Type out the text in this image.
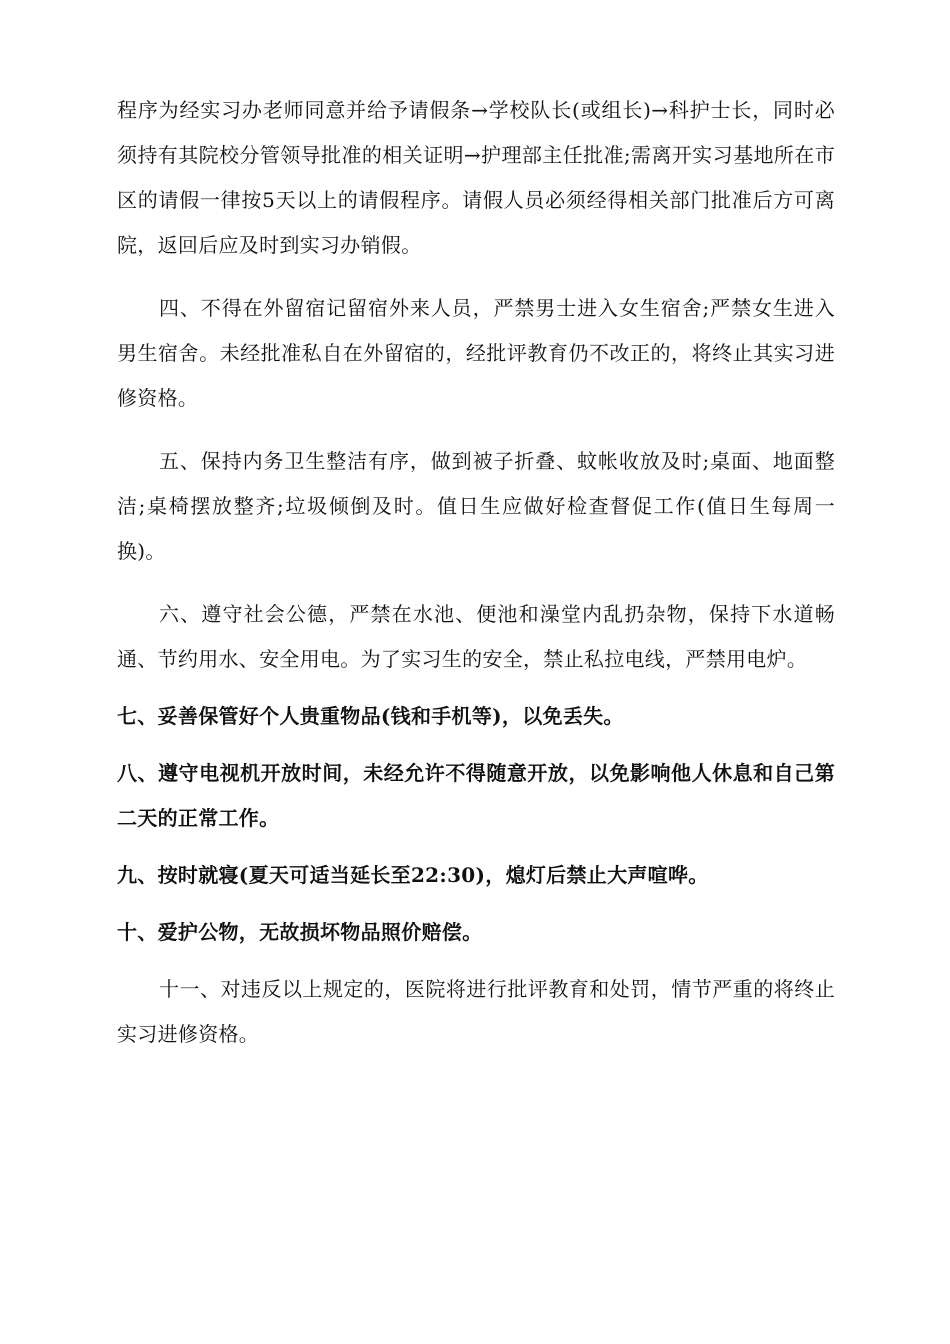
程序为经实习办老师同意并给予请假条→学校队长(或组长)→科护士长，同时必须持有其院校分管领导批准的相关证明→护理部主任批准;需离开实习基地所在市区的请假一律按5天以上的请假程序。请假人员必须经得相关部门批准后方可离院，返回后应及时到实习办销假。

四、不得在外留宿记留宿外来人员，严禁男士进入女生宿舍;严禁女生进入男生宿舍。未经批准私自在外留宿的，经批评教育仍不改正的，将终止其实习进修资格。

五、保持内务卫生整洁有序，做到被子折叠、蚊帐收放及时;桌面、地面整洁;桌椅摆放整齐;垃圾倾倒及时。值日生应做好检查督促工作(值日生每周一换)。

六、遵守社会公德，严禁在水池、便池和澡堂内乱扔杂物，保持下水道畅通、节约用水、安全用电。为了实习生的安全，禁止私拉电线，严禁用电炉。

七、妥善保管好个人贵重物品(钱和手机等)，以免丢失。

八、遵守电视机开放时间，未经允许不得随意开放，以免影响他人休息和自己第二天的正常工作。

九、按时就寝(夏天可适当延长至22:30)，熄灯后禁止大声喧哗。

十、爱护公物，无故损坏物品照价赔偿。

十一、对违反以上规定的，医院将进行批评教育和处罚，情节严重的将终止实习进修资格。
